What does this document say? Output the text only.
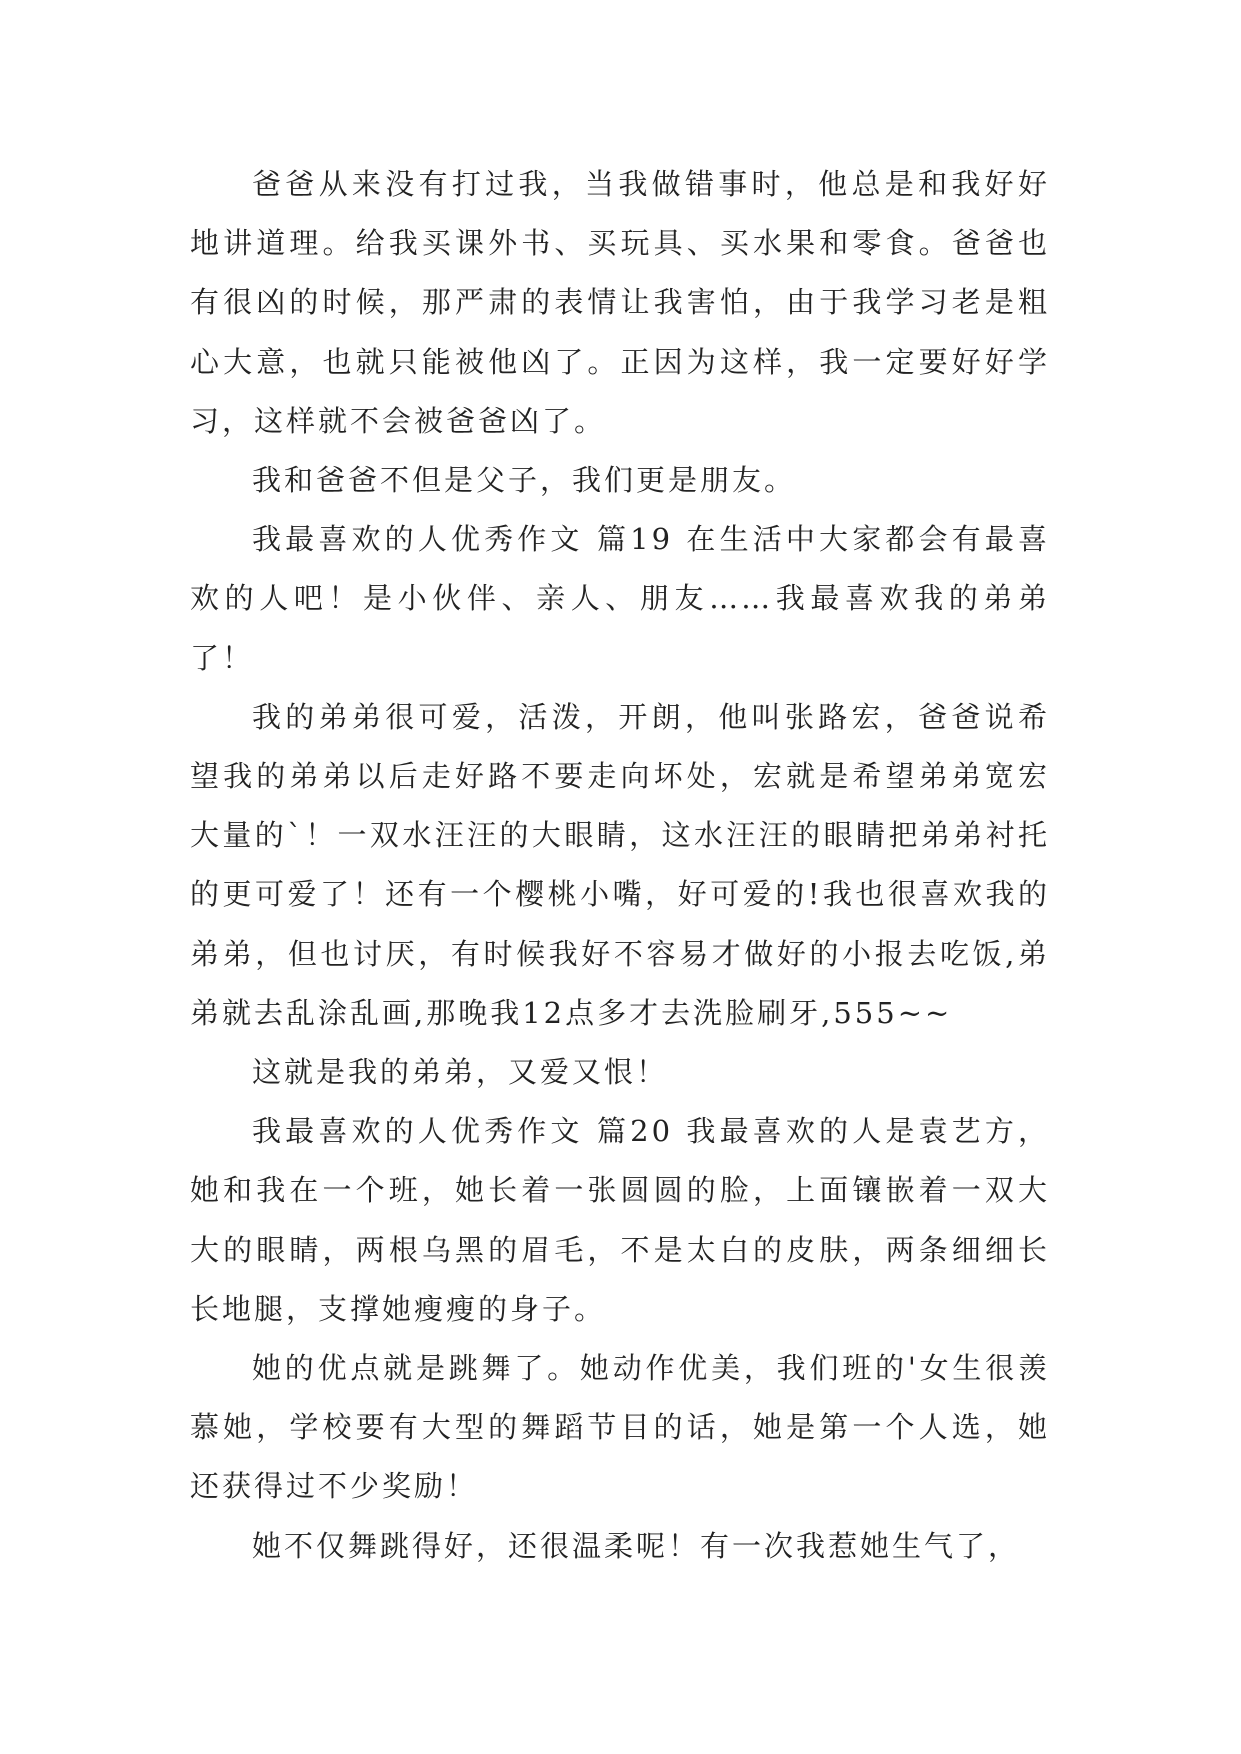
爸爸从来没有打过我，当我做错事时，他总是和我好好地讲道理。给我买课外书、买玩具、买水果和零食。爸爸也有很凶的时候，那严肃的表情让我害怕，由于我学习老是粗心大意，也就只能被他凶了。正因为这样，我一定要好好学习，这样就不会被爸爸凶了。

我和爸爸不但是父子，我们更是朋友。

我最喜欢的人优秀作文 篇19 在生活中大家都会有最喜欢的人吧！是小伙伴、亲人、朋友……我最喜欢我的弟弟了！

我的弟弟很可爱，活泼，开朗，他叫张路宏，爸爸说希望我的弟弟以后走好路不要走向坏处，宏就是希望弟弟宽宏大量的`！一双水汪汪的大眼睛，这水汪汪的眼睛把弟弟衬托的更可爱了！还有一个樱桃小嘴，好可爱的!我也很喜欢我的弟弟，但也讨厌，有时候我好不容易才做好的小报去吃饭,弟弟就去乱涂乱画,那晚我12点多才去洗脸刷牙,555~~

这就是我的弟弟，又爱又恨！

我最喜欢的人优秀作文 篇20 我最喜欢的人是袁艺方，她和我在一个班，她长着一张圆圆的脸，上面镶嵌着一双大大的眼睛，两根乌黑的眉毛，不是太白的皮肤，两条细细长长地腿，支撑她瘦瘦的身子。

她的优点就是跳舞了。她动作优美，我们班的'女生很羡慕她，学校要有大型的舞蹈节目的话，她是第一个人选，她还获得过不少奖励！

她不仅舞跳得好，还很温柔呢！有一次我惹她生气了，
